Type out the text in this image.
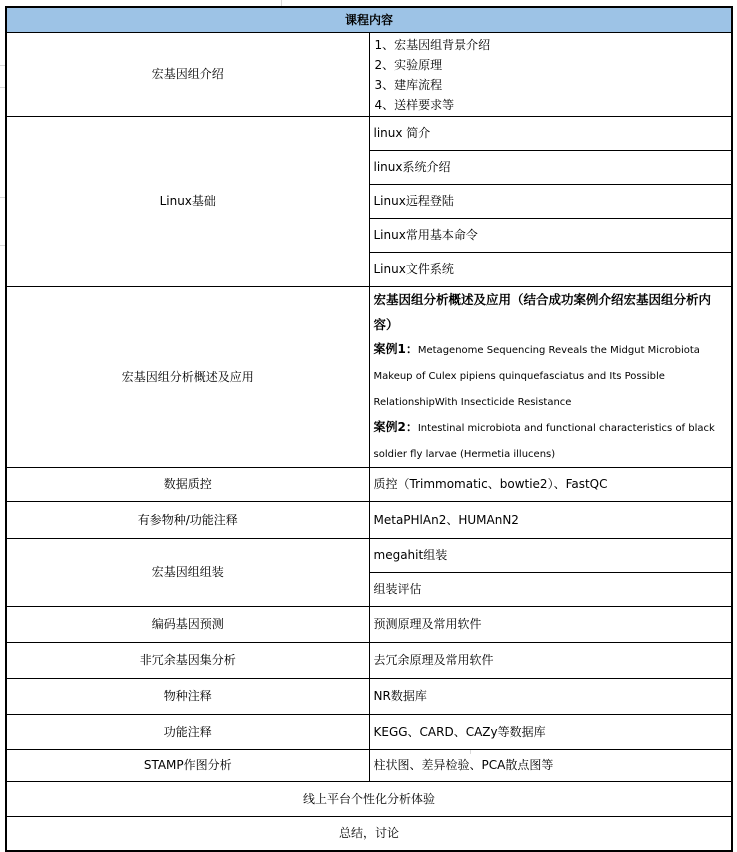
课程内容	
宏基因组介绍	1、宏基因组背景介绍
2、实验原理
3、建库流程
4、送样要求等

Linux基础	linux 简介
	linux系统介绍
	Linux远程登陆
	Linux常用基本命令
	Linux文件系统
宏基因组分析概述及应用	宏基因组分析概述及应用（结合成功案例介绍宏基因组分析内容）
案例1：Metagenome Sequencing Reveals the Midgut Microbiota Makeup of Culex pipiens quinquefasciatus and Its Possible RelationshipWith Insecticide Resistance
案例2：Intestinal microbiota and functional characteristics of black soldier fly larvae (Hermetia illucens)

数据质控	质控（Trimmomatic、bowtie2）、FastQC
有参物种/功能注释	MetaPHlAn2、HUMAnN2
宏基因组组装	megahit组装
	组装评估
编码基因预测	预测原理及常用软件
非冗余基因集分析	去冗余原理及常用软件
物种注释	NR数据库
功能注释	KEGG、CARD、CAZy等数据库
STAMP作图分析	柱状图、差异检验、PCA散点图等
线上平台个性化分析体验	
总结，讨论	
